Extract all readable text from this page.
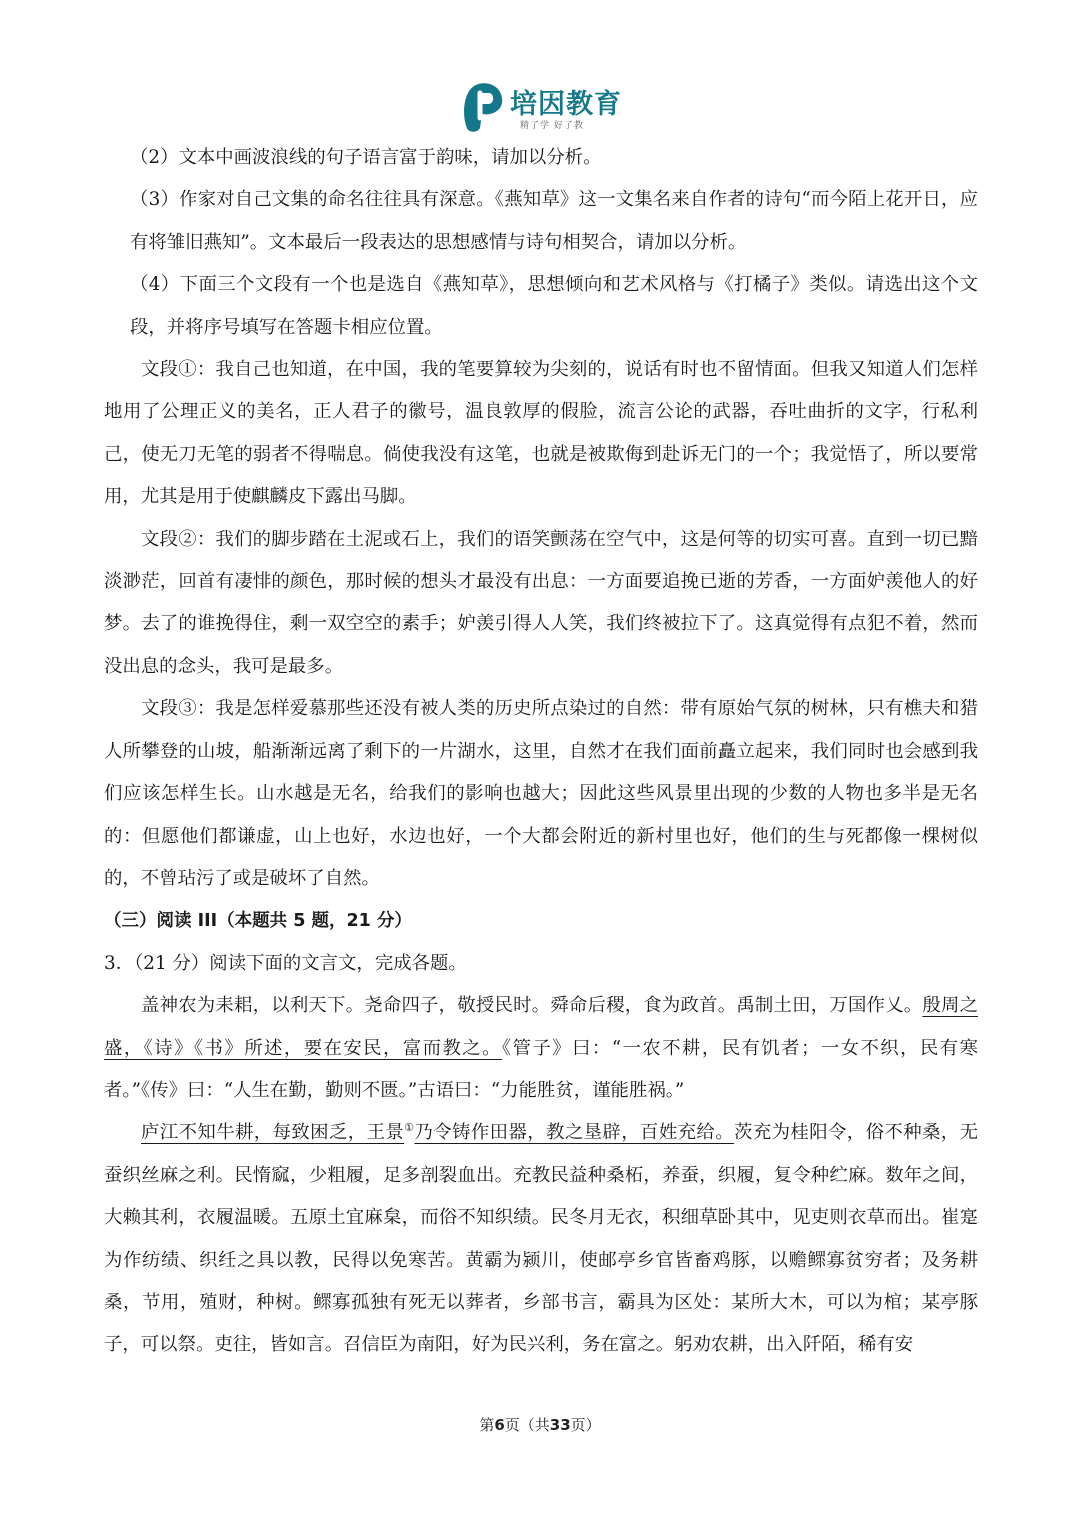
培因教育
精了学 好了教

（2）文本中画波浪线的句子语言富于韵味，请加以分析。

（3）作家对自己文集的命名往往具有深意。《燕知草》这一文集名来自作者的诗句“而今陌上花开日，应有将雏旧燕知”。文本最后一段表达的思想感情与诗句相契合，请加以分析。

（4）下面三个文段有一个也是选自《燕知草》，思想倾向和艺术风格与《打橘子》类似。请选出这个文段，并将序号填写在答题卡相应位置。

文段①：我自己也知道，在中国，我的笔要算较为尖刻的，说话有时也不留情面。但我又知道人们怎样地用了公理正义的美名，正人君子的徽号，温良敦厚的假脸，流言公论的武器，吞吐曲折的文字，行私利己，使无刀无笔的弱者不得喘息。倘使我没有这笔，也就是被欺侮到赴诉无门的一个；我觉悟了，所以要常用，尤其是用于使麒麟皮下露出马脚。

文段②：我们的脚步踏在土泥或石上，我们的语笑颤荡在空气中，这是何等的切实可喜。直到一切已黯淡渺茫，回首有凄悱的颜色，那时候的想头才最没有出息：一方面要追挽已逝的芳香，一方面妒羡他人的好梦。去了的谁挽得住，剩一双空空的素手；妒羡引得人人笑，我们终被拉下了。这真觉得有点犯不着，然而没出息的念头，我可是最多。

文段③：我是怎样爱慕那些还没有被人类的历史所点染过的自然：带有原始气氛的树林，只有樵夫和猎人所攀登的山坡，船渐渐远离了剩下的一片湖水，这里，自然才在我们面前矗立起来，我们同时也会感到我们应该怎样生长。山水越是无名，给我们的影响也越大；因此这些风景里出现的少数的人物也多半是无名的：但愿他们都谦虚，山上也好，水边也好，一个大都会附近的新村里也好，他们的生与死都像一棵树似的，不曾玷污了或是破坏了自然。

（三）阅读 III（本题共 5 题，21 分）

3．（21 分）阅读下面的文言文，完成各题。

盖神农为耒耜，以利天下。尧命四子，敬授民时。舜命后稷，食为政首。禹制土田，万国作乂。殷周之盛，《诗》《书》所述，要在安民，富而教之。《管子》曰：“一农不耕，民有饥者；一女不织，民有寒者。”《传》曰：“人生在勤，勤则不匮。”古语曰：“力能胜贫，谨能胜祸。”

庐江不知牛耕，每致困乏，王景①乃令铸作田器，教之垦辟，百姓充给。茨充为桂阳令，俗不种桑，无蚕织丝麻之利。民惰窳，少粗履，足多剖裂血出。充教民益种桑柘，养蚕，织履，复令种纻麻。数年之间，大赖其利，衣履温暖。五原土宜麻枲，而俗不知织绩。民冬月无衣，积细草卧其中，见吏则衣草而出。崔寔为作纺绩、织纴之具以教，民得以免寒苦。黄霸为颍川，使邮亭乡官皆畜鸡豚，以赡鳏寡贫穷者；及务耕桑，节用，殖财，种树。鳏寡孤独有死无以葬者，乡部书言，霸具为区处：某所大木，可以为棺；某亭豚子，可以祭。吏往，皆如言。召信臣为南阳，好为民兴利，务在富之。躬劝农耕，出入阡陌，稀有安

第6页（共33页）
